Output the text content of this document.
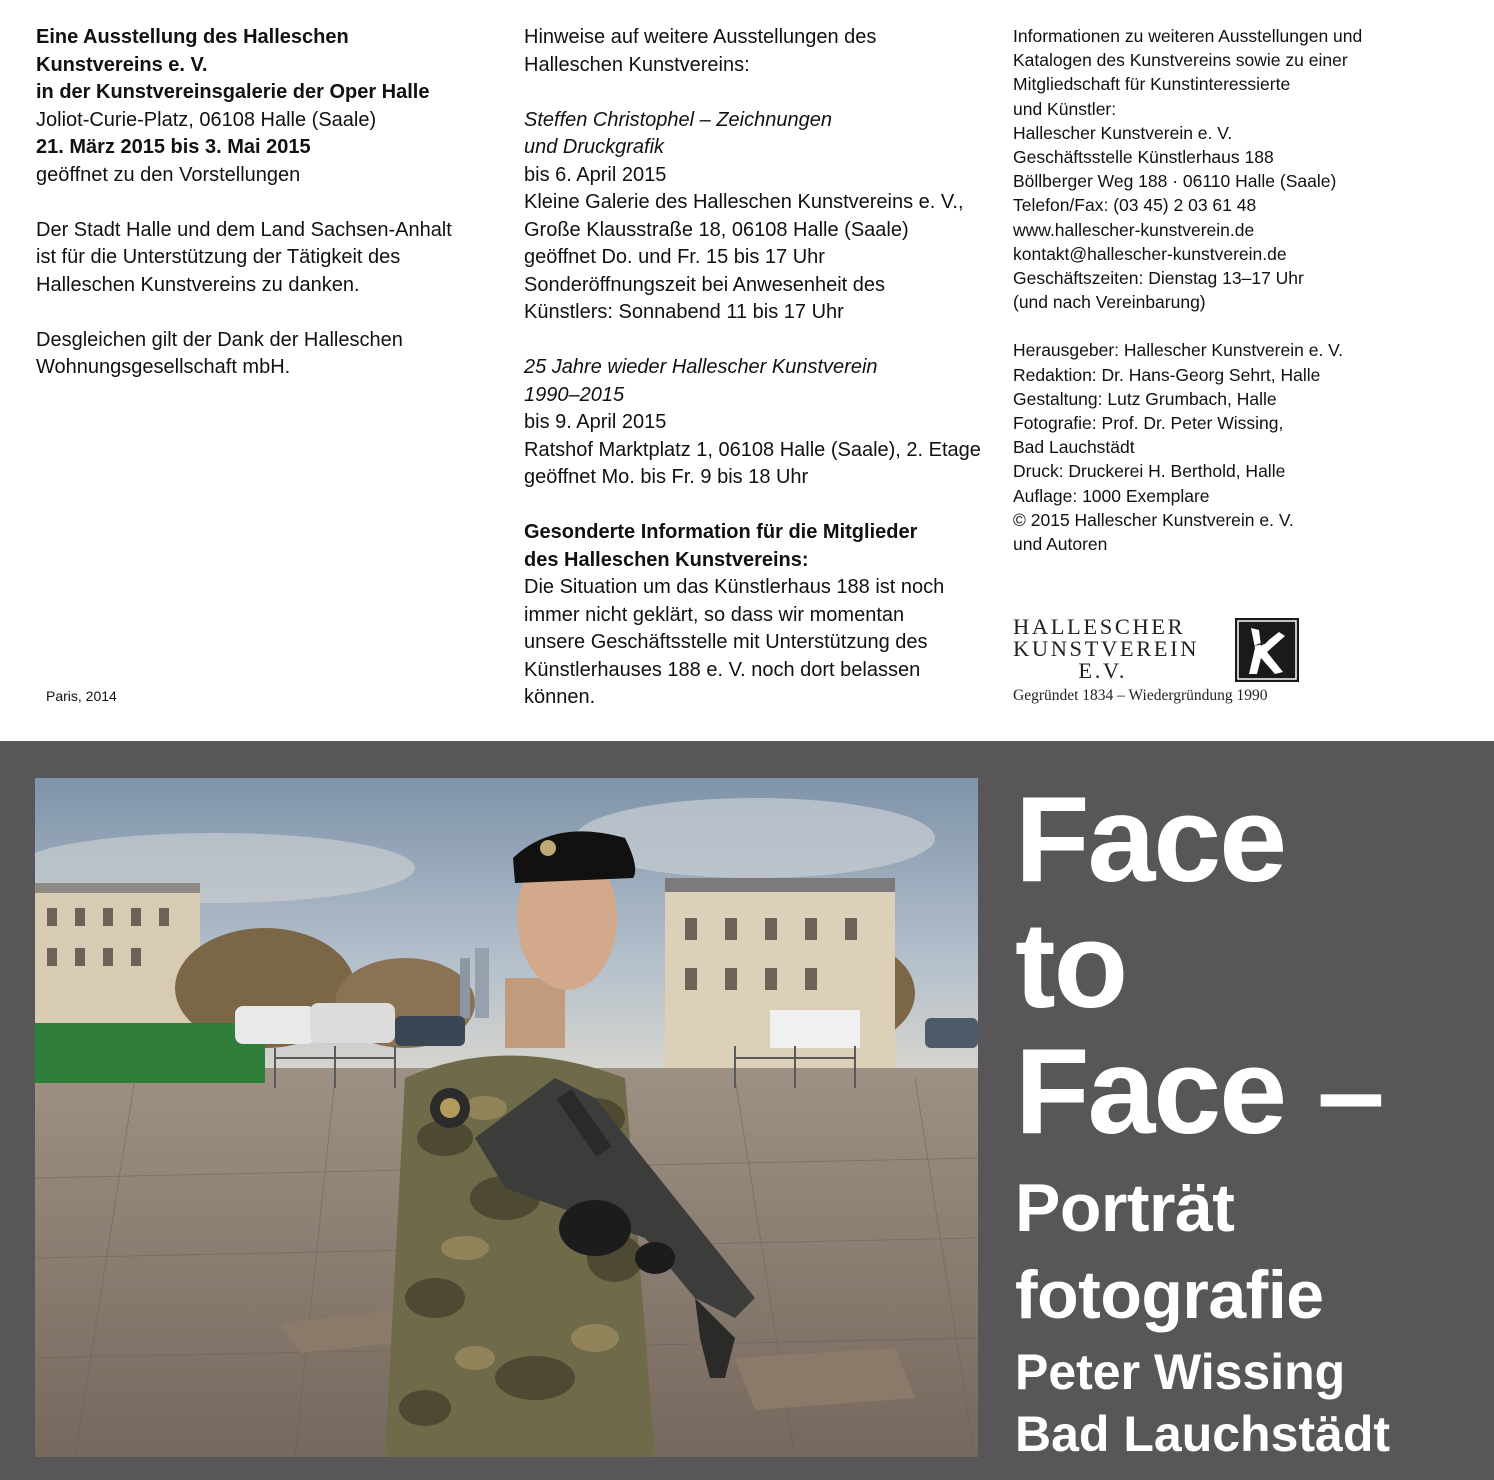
Eine Ausstellung des Halleschen
Kunstvereins e. V.
in der Kunstvereinsgalerie der Oper Halle
Joliot-Curie-Platz, 06108 Halle (Saale)
21. März 2015 bis 3. Mai 2015
geöffnet zu den Vorstellungen
Der Stadt Halle und dem Land Sachsen-Anhalt
ist für die Unterstützung der Tätigkeit des
Halleschen Kunstvereins zu danken.
Desgleichen gilt der Dank der Halleschen
Wohnungsgesellschaft mbH.
Paris, 2014
Hinweise auf weitere Ausstellungen des
Halleschen Kunstvereins:
Steffen Christophel – Zeichnungen
und Druckgrafik
bis 6. April 2015
Kleine Galerie des Halleschen Kunstvereins e. V.,
Große Klausstraße 18, 06108 Halle (Saale)
geöffnet Do. und Fr. 15 bis 17 Uhr
Sonderöffnungszeit bei Anwesenheit des
Künstlers: Sonnabend 11 bis 17 Uhr
25 Jahre wieder Hallescher Kunstverein
1990–2015
bis 9. April 2015
Ratshof Marktplatz 1, 06108 Halle (Saale), 2. Etage
geöffnet Mo. bis Fr. 9 bis 18 Uhr
Gesonderte Information für die Mitglieder
des Halleschen Kunstvereins:
Die Situation um das Künstlerhaus 188 ist noch
immer nicht geklärt, so dass wir momentan
unsere Geschäftsstelle mit Unterstützung des
Künstlerhauses 188 e. V. noch dort belassen
können.
Informationen zu weiteren Ausstellungen und
Katalogen des Kunstvereins sowie zu einer
Mitgliedschaft für Kunstinteressierte
und Künstler:
Hallescher Kunstverein e. V.
Geschäftsstelle Künstlerhaus 188
Böllberger Weg 188 · 06110 Halle (Saale)
Telefon/Fax: (03 45) 2 03 61 48
www.hallescher-kunstverein.de
kontakt@hallescher-kunstverein.de
Geschäftszeiten: Dienstag 13–17 Uhr
(und nach Vereinbarung)
Herausgeber: Hallescher Kunstverein e. V.
Redaktion: Dr. Hans-Georg Sehrt, Halle
Gestaltung: Lutz Grumbach, Halle
Fotografie: Prof. Dr. Peter Wissing,
Bad Lauchstädt
Druck: Druckerei H. Berthold, Halle
Auflage: 1000 Exemplare
© 2015 Hallescher Kunstverein e. V.
und Autoren
HALLESCHER
KUNSTVEREIN
E.V.
Gegründet 1834 – Wiedergründung 1990
Face
to
Face –
Porträt
fotografie
Peter Wissing
Bad Lauchstädt
